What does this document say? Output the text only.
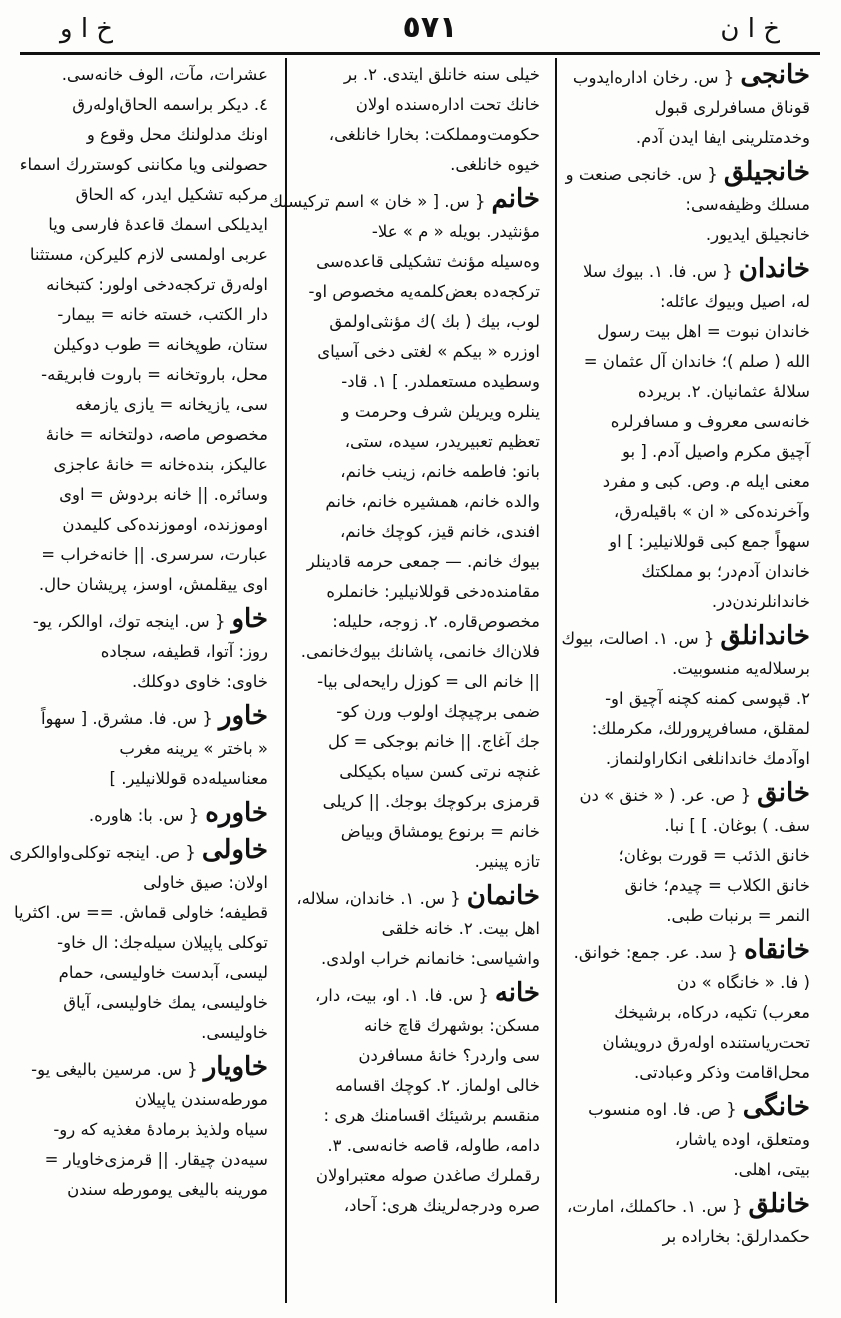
خ ا و	٥٧١	خ ا ن
خانجی{ س. رخان اداره‌ایدوب
قوناق مسافرلری قبول
وخدمتلرینی ایفا ایدن آدم.
خانجیلق{ س. خانجی صنعت و
مسلك وظیفه‌سی:
خانجیلق ایدیور.
خاندان{ س. فا. ١. بیوك سلا
له، اصیل وبیوك عائله:
خاندان نبوت = اهل بیت رسول
الله ( صلم )؛ خاندان آل عثمان =
سلاله‌ٔ عثمانیان. ٢. بریرده
خانه‌سی معروف و مسافرلره
آچیق مکرم واصیل آدم. [ بو
معنی ایله م. وص. کبی و مفرد
وآخرنده‌کی « ان » باقیله‌رق،
سهواً جمع کبی قوللانیلیر: ] او
خاندان آدم‌در؛ بو مملکتك
خاندانلرندن‌در.
خاندانلق{ س. ١. اصالت، بیوك
برسلاله‌یه منسوبیت.
٢. قپوسی کمنه کچنه آچیق او-
لمقلق، مسافرپرورلك، مکرملك:
اوآدمك خاندانلغی انکاراولنماز.
خانق{ ص. عر. ( « خنق » دن
سف. ) بوغان. ] ] نبا.
خانق الذئب = قورت بوغان؛
خانق الکلاب = چیدم؛ خانق
النمر = برنبات طبی.
خانقاه{ سد. عر. جمع: خوانق.
( فا. « خانگاه » دن
معرب) تکیه، درکاه، برشیخك
تحت‌ریاستنده اوله‌رق درویشان
محل‌اقامت وذکر وعبادتی.
خانگی{ ص. فا. اوه منسوب
ومتعلق، اوده یاشار،
بیتی، اهلی.
خانلق{ س. ١. حاکملك، امارت،
حکمدارلق: بخاراده بر
خیلی سنه خانلق ایتدی. ٢. بر
خانك تحت اداره‌سنده اولان
حکومت‌ومملکت: بخارا خانلغی،
خیوه خانلغی.
خانم{ س. [ « خان » اسم ترکیسنك
مؤنثیدر. بویله « م » علا-
وه‌سیله مؤنث تشکیلی قاعده‌سی
ترکجه‌ده بعض‌کلمه‌یه مخصوص او-
لوب، بیك ( بك )ك مؤنثی‌اولمق
اوزره « بیکم » لغتی دخی آسیای
وسطیده مستعملدر. ] ١. قاد-
ینلره ویریلن شرف وحرمت و
تعظیم تعبیریدر، سیده، ستی،
بانو: فاطمه خانم، زینب خانم،
والده خانم، همشیره خانم، خانم
افندی، خانم قیز، کوچك خانم،
بیوك خانم. — جمعی حرمه قادینلر
مقامنده‌دخی قوللانیلیر: خانملره
مخصوص‌قاره. ٢. زوجه، حلیله:
فلان‌اك خانمی، پاشانك بیوك‌خانمی.
|| خانم الی = کوزل رایحه‌لی بیا-
ضمی برچیچك اولوب ورن کو-
جك آغاج. || خانم بوجکی = کل
غنچه‌ نرتی کسن سیاه بکیکلی
قرمزی برکوچك بوجك. || کریلی
خانم = برنوع یومشاق وبیاض
تازه پینیر.
خانمان{ س. ١. خاندان، سلاله،
اهل بیت. ٢. خانه خلقی
واشیاسی: خانمانم خراب اولدی.
خانه{ س. فا. ١. او، بیت، دار،
مسکن: بوشهرك قاچ خانه‌
سی واردر؟ خانه‌ٔ مسافردن
خالی اولماز. ٢. کوچك اقسامه
منقسم برشیئك اقسامنك هری :
دامه، طاوله، قاصه خانه‌سی. ٣.
رقملرك صاغدن صوله معتبراولان
صره ودرجه‌لرینك هری: آحاد،
عشرات، مآت، الوف خانه‌سی.
٤. دیکر براسمه الحاق‌اوله‌رق
اونك مدلولنك محل وقوع و
حصولنی ویا مکاننی کوستررك اسماء
مرکبه تشکیل ایدر، که الحاق
ایدیلکی اسمك قاعدهٔ فارسی ویا
عربی اولمسی لازم کلیرکن، مستثنا
اوله‌رق ترکجه‌دخی اولور: کتبخانه
دار الکتب، خسته خانه = بیمار-
ستان، طوپخانه = طوب دوکیلن
محل، باروتخانه = باروت فابریقه-
سی، یازیخانه = یازی یازمغه
مخصوص ماصه، دولتخانه = خانهٔ
عالیکز، بنده‌خانه = خانهٔ عاجزی
وسائره. || خانه بردوش = اوی
اوموزنده، اوموزنده‌کی کلیمدن
عبارت، سرسری. || خانه‌خراب =
اوی ییقلمش، اوسز، پریشان حال.
خاو{ س. اینجه توك، اوالکر، یو-
روز: آتوا، قطیفه، سجاده
خاوی: خاوی دوکلك.
خاور{ س. فا. مشرق. [ سهواً
« باختر » یرینه مغرب
معناسیله‌ده قوللانیلیر. ]
خاوره{ س. با: هاوره.
خاولی{ ص. اینجه توکلی‌واوالکری
اولان: صیق خاولی
قطیفه؛ خاولی قماش. == س. اکثریا
توکلی یاپیلان سیله‌جك: ال خاو-
لیسی، آبدست خاولیسی، حمام
خاولیسی، یمك خاولیسی، آیاق
خاولیسی.
خاویار{ س. مرسین بالیغی یو-
مورطه‌سندن یاپیلان
سیاه ولذیذ برماده‌ٔ مغذیه که رو-
سیه‌دن چیقار. || قرمزی‌خاویار =
مورینه بالیغی یومورطه سندن
